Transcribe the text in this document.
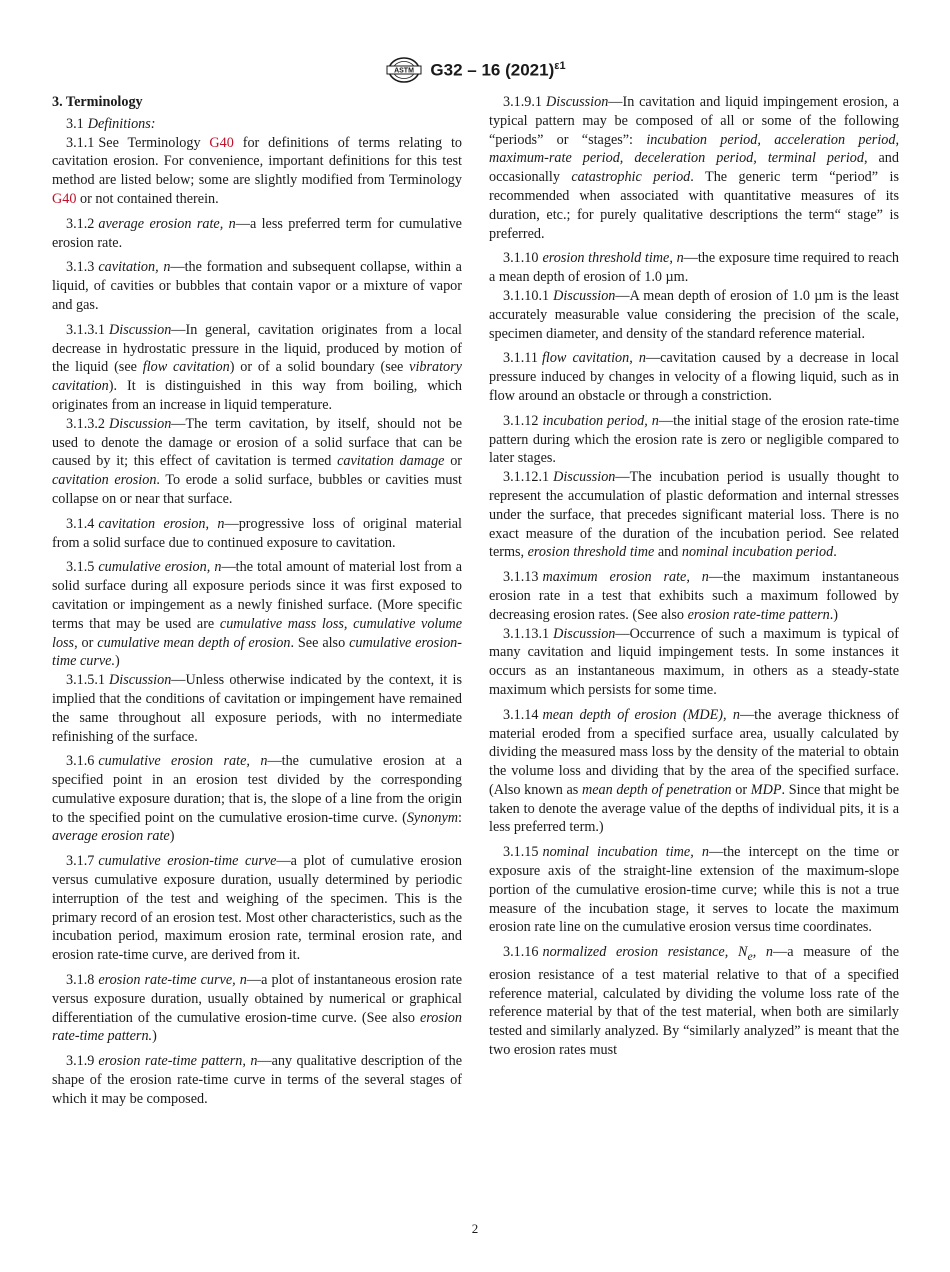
ASTM G32 – 16 $(2021)^{\varepsilon 1}$
3. Terminology

3.1 Definitions:

3.1.1 See Terminology G40 for definitions of terms relating to cavitation erosion. For convenience, important definitions for this test method are listed below; some are slightly modified from Terminology G40 or not contained therein.

3.1.2 average erosion rate, n—a less preferred term for cumulative erosion rate.

3.1.3 cavitation, n—the formation and subsequent collapse, within a liquid, of cavities or bubbles that contain vapor or a mixture of vapor and gas.

3.1.3.1 Discussion—In general, cavitation originates from a local decrease in hydrostatic pressure in the liquid, produced by motion of the liquid (see flow cavitation) or of a solid boundary (see vibratory cavitation). It is distinguished in this way from boiling, which originates from an increase in liquid temperature.

3.1.3.2 Discussion—The term cavitation, by itself, should not be used to denote the damage or erosion of a solid surface that can be caused by it; this effect of cavitation is termed cavitation damage or cavitation erosion. To erode a solid surface, bubbles or cavities must collapse on or near that surface.

3.1.4 cavitation erosion, n—progressive loss of original material from a solid surface due to continued exposure to cavitation.

3.1.5 cumulative erosion, n—the total amount of material lost from a solid surface during all exposure periods since it was first exposed to cavitation or impingement as a newly finished surface. (More specific terms that may be used are cumulative mass loss, cumulative volume loss, or cumulative mean depth of erosion. See also cumulative erosion-time curve.)

3.1.5.1 Discussion—Unless otherwise indicated by the context, it is implied that the conditions of cavitation or impingement have remained the same throughout all exposure periods, with no intermediate refinishing of the surface.

3.1.6 cumulative erosion rate, n—the cumulative erosion at a specified point in an erosion test divided by the corresponding cumulative exposure duration; that is, the slope of a line from the origin to the specified point on the cumulative erosion-time curve. (Synonym: average erosion rate)

3.1.7 cumulative erosion-time curve—a plot of cumulative erosion versus cumulative exposure duration, usually determined by periodic interruption of the test and weighing of the specimen. This is the primary record of an erosion test. Most other characteristics, such as the incubation period, maximum erosion rate, terminal erosion rate, and erosion rate-time curve, are derived from it.

3.1.8 erosion rate-time curve, n—a plot of instantaneous erosion rate versus exposure duration, usually obtained by numerical or graphical differentiation of the cumulative erosion-time curve. (See also erosion rate-time pattern.)

3.1.9 erosion rate-time pattern, n—any qualitative description of the shape of the erosion rate-time curve in terms of the several stages of which it may be composed.

3.1.9.1 Discussion—In cavitation and liquid impingement erosion, a typical pattern may be composed of all or some of the following “periods” or “stages”: incubation period, acceleration period, maximum-rate period, deceleration period, terminal period, and occasionally catastrophic period. The generic term “period” is recommended when associated with quantitative measures of its duration, etc.; for purely qualitative descriptions the term“ stage” is preferred.

3.1.10 erosion threshold time, n—the exposure time required to reach a mean depth of erosion of 1.0 µm.

3.1.10.1 Discussion—A mean depth of erosion of 1.0 µm is the least accurately measurable value considering the precision of the scale, specimen diameter, and density of the standard reference material.

3.1.11 flow cavitation, n—cavitation caused by a decrease in local pressure induced by changes in velocity of a flowing liquid, such as in flow around an obstacle or through a constriction.

3.1.12 incubation period, n—the initial stage of the erosion rate-time pattern during which the erosion rate is zero or negligible compared to later stages.

3.1.12.1 Discussion—The incubation period is usually thought to represent the accumulation of plastic deformation and internal stresses under the surface, that precedes significant material loss. There is no exact measure of the duration of the incubation period. See related terms, erosion threshold time and nominal incubation period.

3.1.13 maximum erosion rate, n—the maximum instantaneous erosion rate in a test that exhibits such a maximum followed by decreasing erosion rates. (See also erosion rate-time pattern.)

3.1.13.1 Discussion—Occurrence of such a maximum is typical of many cavitation and liquid impingement tests. In some instances it occurs as an instantaneous maximum, in others as a steady-state maximum which persists for some time.

3.1.14 mean depth of erosion (MDE), n—the average thickness of material eroded from a specified surface area, usually calculated by dividing the measured mass loss by the density of the material to obtain the volume loss and dividing that by the area of the specified surface. (Also known as mean depth of penetration or MDP. Since that might be taken to denote the average value of the depths of individual pits, it is a less preferred term.)

3.1.15 nominal incubation time, n—the intercept on the time or exposure axis of the straight-line extension of the maximum-slope portion of the cumulative erosion-time curve; while this is not a true measure of the incubation stage, it serves to locate the maximum erosion rate line on the cumulative erosion versus time coordinates.

3.1.16 normalized erosion resistance, $N_e$, n—a measure of the erosion resistance of a test material relative to that of a specified reference material, calculated by dividing the volume loss rate of the reference material by that of the test material, when both are similarly tested and similarly analyzed. By “similarly analyzed” is meant that the two erosion rates must

2
